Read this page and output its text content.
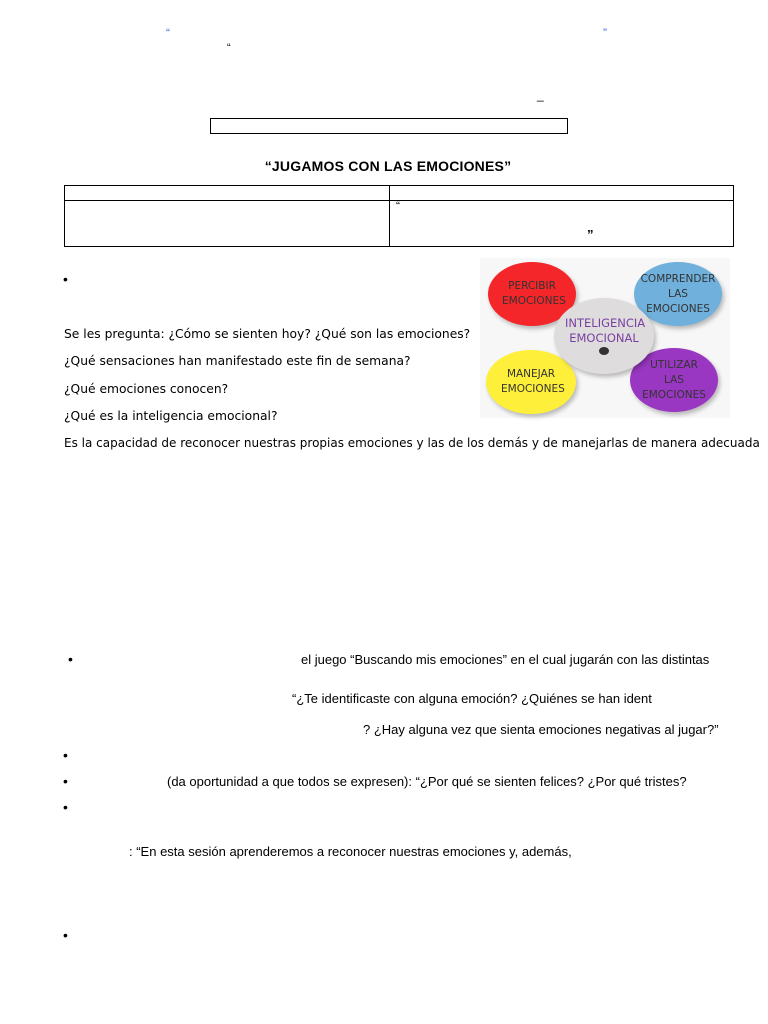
“	”
“
_
“JUGAMOS CON LAS EMOCIONES”
“
”
•
Se les pregunta: ¿Cómo se sienten hoy? ¿Qué son las emociones?
¿Qué sensaciones han manifestado este fin de semana?
¿Qué emociones conocen?
¿Qué es la inteligencia emocional?
Es la capacidad de reconocer nuestras propias emociones y las de los demás y de manejarlas de manera adecuada
PERCIBIR EMOCIONES
COMPRENDER LAS EMOCIONES
MANEJAR EMOCIONES
UTILIZAR LAS EMOCIONES
INTELIGENCIA EMOCIONAL
•	el juego “Buscando mis emociones” en el cual jugarán con las distintas
“¿Te identificaste con alguna emoción? ¿Quiénes se han ident
? ¿Hay alguna vez que sienta emociones negativas al jugar?”
•
•	(da oportunidad a que todos se expresen): “¿Por qué se sienten felices? ¿Por qué tristes?
•
: “En esta sesión aprenderemos a reconocer nuestras emociones y, además,
•
